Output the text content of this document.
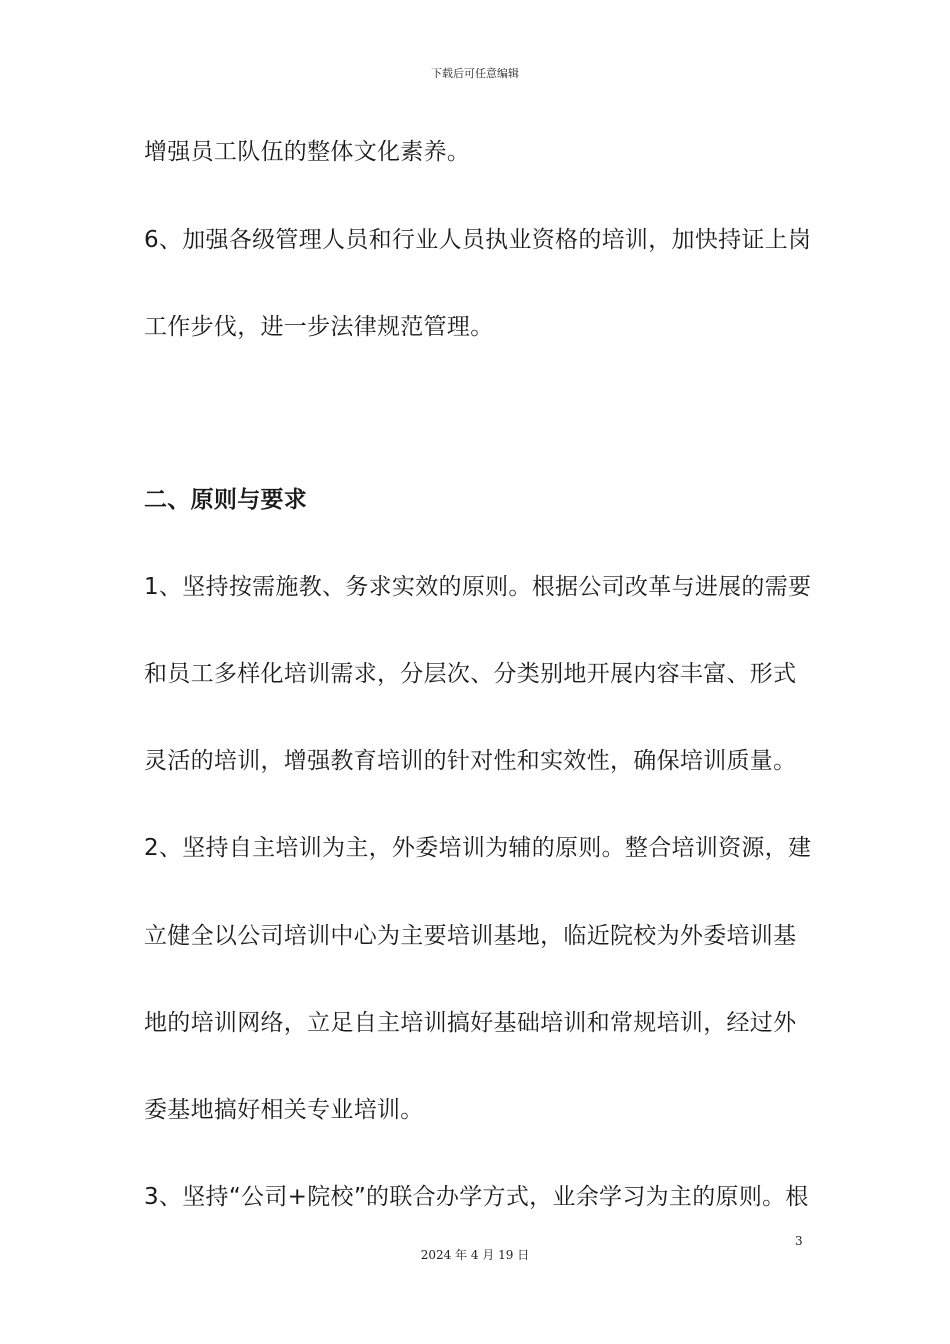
下载后可任意编辑
增强员工队伍的整体文化素养。
6、加强各级管理人员和行业人员执业资格的培训，加快持证上岗
工作步伐，进一步法律规范管理。
二、原则与要求
1、坚持按需施教、务求实效的原则。根据公司改革与进展的需要
和员工多样化培训需求，分层次、分类别地开展内容丰富、形式
灵活的培训，增强教育培训的针对性和实效性，确保培训质量。
2、坚持自主培训为主，外委培训为辅的原则。整合培训资源，建
立健全以公司培训中心为主要培训基地，临近院校为外委培训基
地的培训网络，立足自主培训搞好基础培训和常规培训，经过外
委基地搞好相关专业培训。
3、坚持“公司+院校”的联合办学方式，业余学习为主的原则。根
3
2024 年 4 月 19 日
